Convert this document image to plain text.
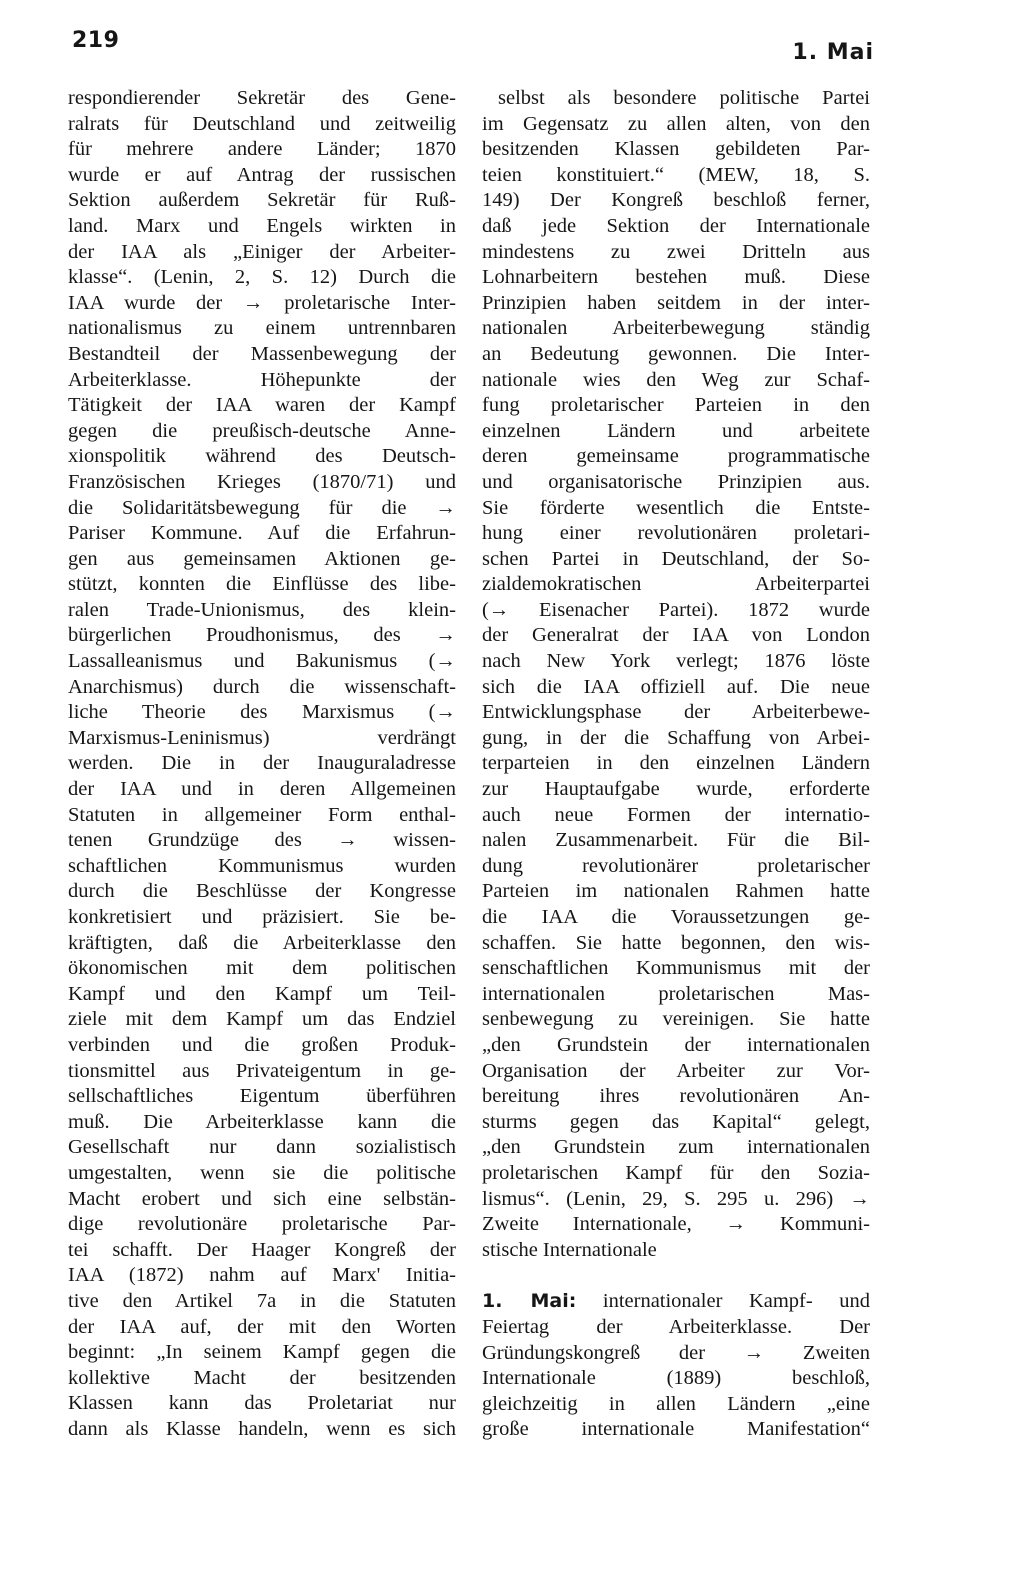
219	1. Mai
respondierender Sekretär des Gene-
ralrats für Deutschland und zeitweilig
für mehrere andere Länder; 1870
wurde er auf Antrag der russischen
Sektion außerdem Sekretär für Ruß-
land. Marx und Engels wirkten in
der IAA als „Einiger der Arbeiter-
klasse“. (Lenin, 2, S. 12) Durch die
IAA wurde der → proletarische Inter-
nationalismus zu einem untrennbaren
Bestandteil der Massenbewegung der
Arbeiterklasse. Höhepunkte der
Tätigkeit der IAA waren der Kampf
gegen die preußisch-deutsche Anne-
xionspolitik während des Deutsch-
Französischen Krieges (1870/71) und
die Solidaritätsbewegung für die →
Pariser Kommune. Auf die Erfahrun-
gen aus gemeinsamen Aktionen ge-
stützt, konnten die Einflüsse des libe-
ralen Trade-Unionismus, des klein-
bürgerlichen Proudhonismus, des →
Lassalleanismus und Bakunismus (→
Anarchismus) durch die wissenschaft-
liche Theorie des Marxismus (→
Marxismus-Leninismus) verdrängt
werden. Die in der Inauguraladresse
der IAA und in deren Allgemeinen
Statuten in allgemeiner Form enthal-
tenen Grundzüge des → wissen-
schaftlichen Kommunismus wurden
durch die Beschlüsse der Kongresse
konkretisiert und präzisiert. Sie be-
kräftigten, daß die Arbeiterklasse den
ökonomischen mit dem politischen
Kampf und den Kampf um Teil-
ziele mit dem Kampf um das Endziel
verbinden und die großen Produk-
tionsmittel aus Privateigentum in ge-
sellschaftliches Eigentum überführen
muß. Die Arbeiterklasse kann die
Gesellschaft nur dann sozialistisch
umgestalten, wenn sie die politische
Macht erobert und sich eine selbstän-
dige revolutionäre proletarische Par-
tei schafft. Der Haager Kongreß der
IAA (1872) nahm auf Marx' Initia-
tive den Artikel 7a in die Statuten
der IAA auf, der mit den Worten
beginnt: „In seinem Kampf gegen die
kollektive Macht der besitzenden
Klassen kann das Proletariat nur
dann als Klasse handeln, wenn es sich
selbst als besondere politische Partei
im Gegensatz zu allen alten, von den
besitzenden Klassen gebildeten Par-
teien konstituiert.“ (MEW, 18, S.
149) Der Kongreß beschloß ferner,
daß jede Sektion der Internationale
mindestens zu zwei Dritteln aus
Lohnarbeitern bestehen muß. Diese
Prinzipien haben seitdem in der inter-
nationalen Arbeiterbewegung ständig
an Bedeutung gewonnen. Die Inter-
nationale wies den Weg zur Schaf-
fung proletarischer Parteien in den
einzelnen Ländern und arbeitete
deren gemeinsame programmatische
und organisatorische Prinzipien aus.
Sie förderte wesentlich die Entste-
hung einer revolutionären proletari-
schen Partei in Deutschland, der So-
zialdemokratischen Arbeiterpartei
(→ Eisenacher Partei). 1872 wurde
der Generalrat der IAA von London
nach New York verlegt; 1876 löste
sich die IAA offiziell auf. Die neue
Entwicklungsphase der Arbeiterbewe-
gung, in der die Schaffung von Arbei-
terparteien in den einzelnen Ländern
zur Hauptaufgabe wurde, erforderte
auch neue Formen der internatio-
nalen Zusammenarbeit. Für die Bil-
dung revolutionärer proletarischer
Parteien im nationalen Rahmen hatte
die IAA die Voraussetzungen ge-
schaffen. Sie hatte begonnen, den wis-
senschaftlichen Kommunismus mit der
internationalen proletarischen Mas-
senbewegung zu vereinigen. Sie hatte
„den Grundstein der internationalen
Organisation der Arbeiter zur Vor-
bereitung ihres revolutionären An-
sturms gegen das Kapital“ gelegt,
„den Grundstein zum internationalen
proletarischen Kampf für den Sozia-
lismus“. (Lenin, 29, S. 295 u. 296) →
Zweite Internationale, → Kommuni-
stische Internationale
1. Mai: internationaler Kampf- und
Feiertag der Arbeiterklasse. Der
Gründungskongreß der → Zweiten
Internationale (1889) beschloß,
gleichzeitig in allen Ländern „eine
große internationale Manifestation“
